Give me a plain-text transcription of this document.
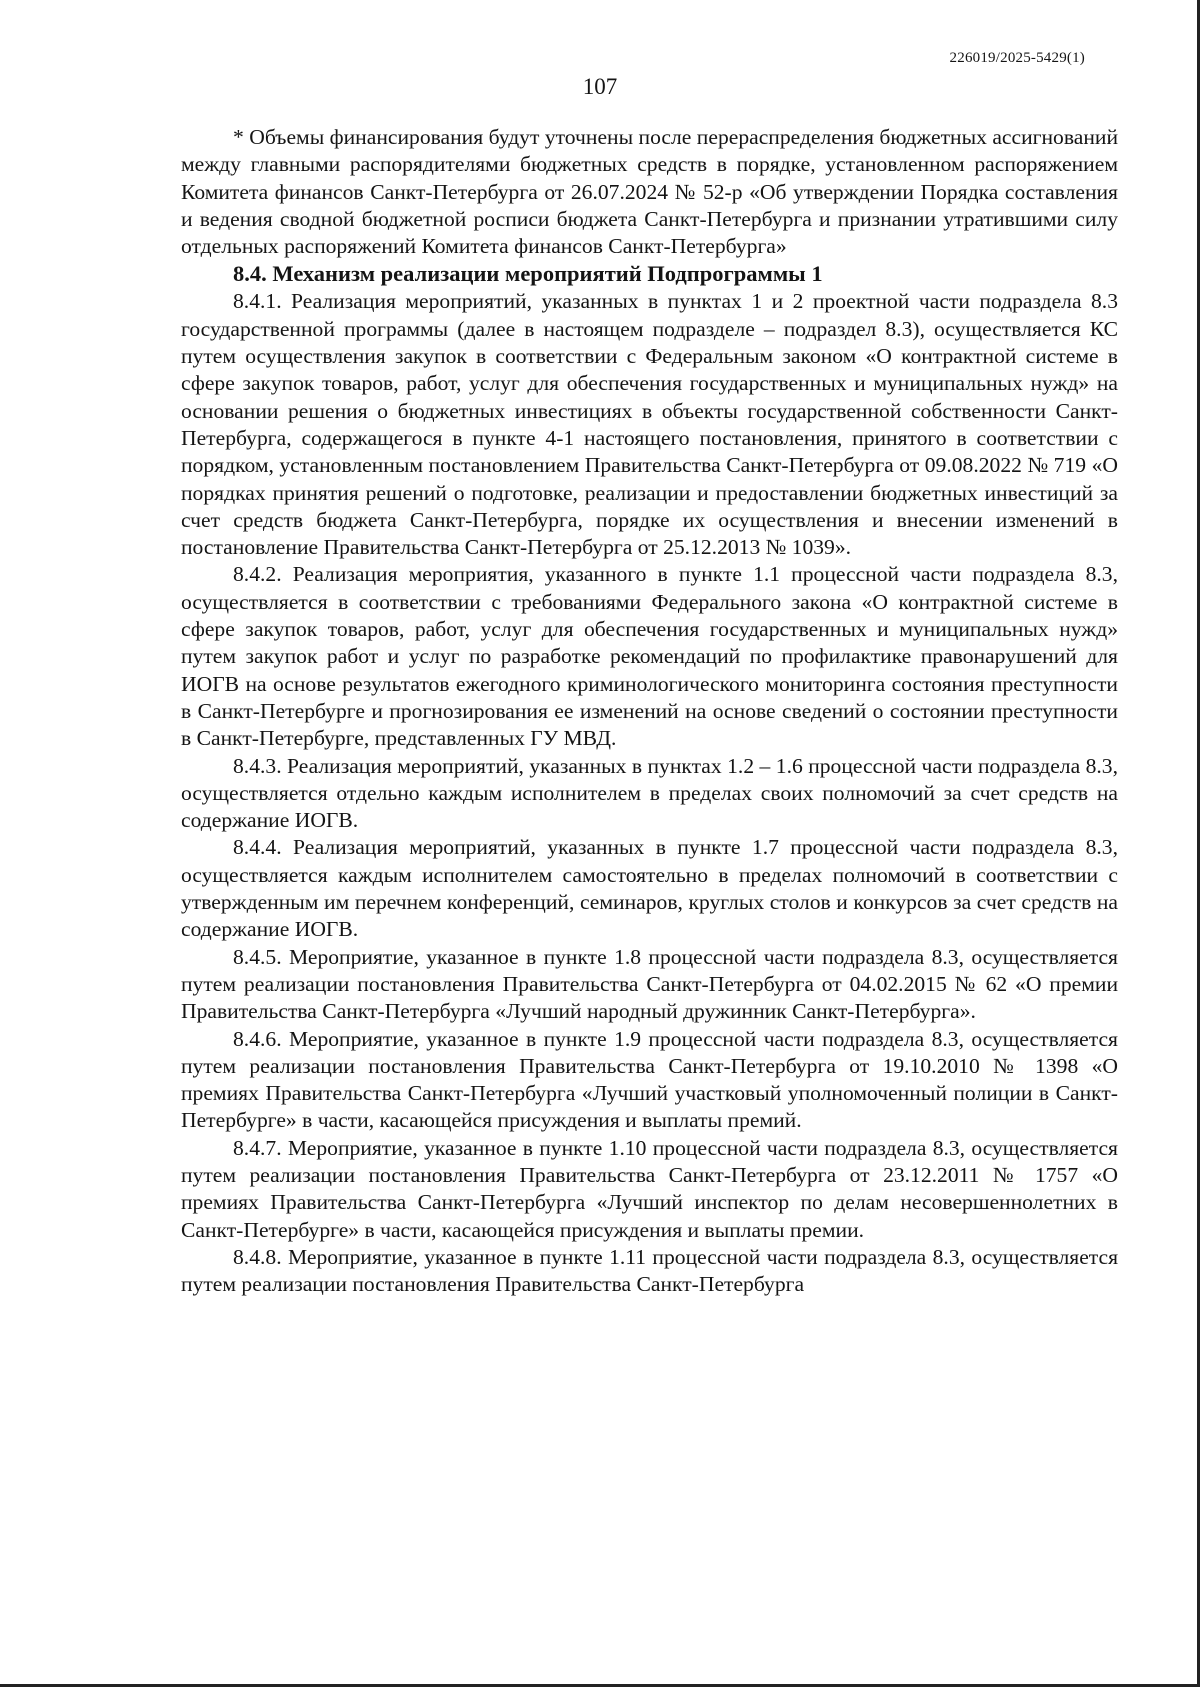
226019/2025-5429(1)
107

* Объемы финансирования будут уточнены после перераспределения бюджетных ассигнований между главными распорядителями бюджетных средств в порядке, установленном распоряжением Комитета финансов Санкт-Петербурга от 26.07.2024 № 52-р «Об утверждении Порядка составления и ведения сводной бюджетной росписи бюджета Санкт-Петербурга и признании утратившими силу отдельных распоряжений Комитета финансов Санкт-Петербурга»

8.4. Механизм реализации мероприятий Подпрограммы 1

8.4.1. Реализация мероприятий, указанных в пунктах 1 и 2 проектной части подраздела 8.3 государственной программы (далее в настоящем подразделе – подраздел 8.3), осуществляется КС путем осуществления закупок в соответствии с Федеральным законом «О контрактной системе в сфере закупок товаров, работ, услуг для обеспечения государственных и муниципальных нужд» на основании решения о бюджетных инвестициях в объекты государственной собственности Санкт-Петербурга, содержащегося в пункте 4-1 настоящего постановления, принятого в соответствии с порядком, установленным постановлением Правительства Санкт-Петербурга от 09.08.2022 № 719 «О порядках принятия решений о подготовке, реализации и предоставлении бюджетных инвестиций за счет средств бюджета Санкт-Петербурга, порядке их осуществления и внесении изменений в постановление Правительства Санкт-Петербурга от 25.12.2013 № 1039».

8.4.2. Реализация мероприятия, указанного в пункте 1.1 процессной части подраздела 8.3, осуществляется в соответствии с требованиями Федерального закона «О контрактной системе в сфере закупок товаров, работ, услуг для обеспечения государственных и муниципальных нужд» путем закупок работ и услуг по разработке рекомендаций по профилактике правонарушений для ИОГВ на основе результатов ежегодного криминологического мониторинга состояния преступности в Санкт-Петербурге и прогнозирования ее изменений на основе сведений о состоянии преступности в Санкт-Петербурге, представленных ГУ МВД.

8.4.3. Реализация мероприятий, указанных в пунктах 1.2 – 1.6 процессной части подраздела 8.3, осуществляется отдельно каждым исполнителем в пределах своих полномочий за счет средств на содержание ИОГВ.

8.4.4. Реализация мероприятий, указанных в пункте 1.7 процессной части подраздела 8.3, осуществляется каждым исполнителем самостоятельно в пределах полномочий в соответствии с утвержденным им перечнем конференций, семинаров, круглых столов и конкурсов за счет средств на содержание ИОГВ.

8.4.5. Мероприятие, указанное в пункте 1.8 процессной части подраздела 8.3, осуществляется путем реализации постановления Правительства Санкт-Петербурга от 04.02.2015 № 62 «О премии Правительства Санкт-Петербурга «Лучший народный дружинник Санкт-Петербурга».

8.4.6. Мероприятие, указанное в пункте 1.9 процессной части подраздела 8.3, осуществляется путем реализации постановления Правительства Санкт-Петербурга от 19.10.2010 № 1398 «О премиях Правительства Санкт-Петербурга «Лучший участковый уполномоченный полиции в Санкт-Петербурге» в части, касающейся присуждения и выплаты премий.

8.4.7. Мероприятие, указанное в пункте 1.10 процессной части подраздела 8.3, осуществляется путем реализации постановления Правительства Санкт-Петербурга от 23.12.2011 № 1757 «О премиях Правительства Санкт-Петербурга «Лучший инспектор по делам несовершеннолетних в Санкт-Петербурге» в части, касающейся присуждения и выплаты премии.

8.4.8. Мероприятие, указанное в пункте 1.11 процессной части подраздела 8.3, осуществляется путем реализации постановления Правительства Санкт-Петербурга
